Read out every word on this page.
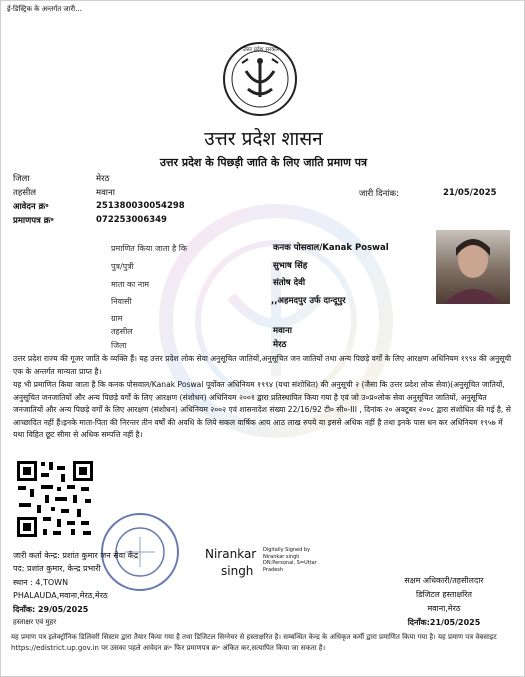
ई-डिस्ट्रिक के अन्तर्गत जारी...
उत्तर प्रदेश सरकार
उत्तर प्रदेश शासन
उत्तर प्रदेश के पिछड़ी जाति के लिए जाति प्रमाण पत्र
जिला	मेरठ
तहसील	मवाना
आवेदन क्र॰	251380030054298
प्रमाणपत्र क्र॰	072253006349
जारी दिनांक:	21/05/2025
प्रमाणित किया जाता है कि	कनक पोसवाल/Kanak Poswal
पुत्र/पुत्री	सुभाष सिंह
माता का नाम	संतोष देवी
निवासी	,,अहमदपुर उर्फ दान्दूपुर
ग्राम
तहसील	मवाना
जिला	मेरठ
उत्तर प्रदेश राज्य की गूजर जाति के व्यक्ति हैं। यह उत्तर प्रदेश लोक सेवा अनुसूचित जातियों,अनुसूचित जन जातियों तथा अन्य पिछड़े वर्गों के लिए आरक्षण अधिनियम १९९४ की अनुसूची एक के अन्तर्गत मान्यता प्राप्त है।
यह भी प्रमाणित किया जाता है कि कनक पोसवाल/Kanak Poswal पूर्वोक्त अधिनियम १९९४ (यथा संशोधित) की अनुसूची २ (जैसा कि उत्तर प्रदेश लोक सेवा)(अनुसूचित जातियों, अनुसूचित जनजातियों और अन्य पिछड़े वर्गों के लिए आरक्षण (संशोधन) अधिनियम २००१ द्वारा प्रतिस्थापित किया गया है एवं जो उ०प्र०लोक सेवा अनुसूचित जातियों, अनुसूचित जनजातियों और अन्य पिछड़े वर्गों के लिए आरक्षण (संशोधन) अधिनियम २००२ एवं शासनादेश संख्या 22/16/92 टी० सी०-III , दिनांक २० अक्टूबर २००८ द्वारा संशोधित की गई है, से आच्छादित नहीं हैं।इनके माता-पिता की निरन्तर तीन वर्षों की अवधि के लिये सकल वार्षिक आय आठ लाख रुपये या इससे अधिक नहीं है तथा इनके पास धन कर अधिनियम १९५७ में यथा विहित छूट सीमा से अधिक सम्पत्ति नहीं है।
जारी कर्ता केन्द्र: प्रशांत कुमार जन सेवा केंद्र
पद: प्रशांत कुमार, केन्द्र प्रभारी
स्थान : 4,TOWN
PHALAUDA,मवाना,मेरठ,मेरठ
दिनाँक: 29/05/2025
हस्ताक्षर एवं मुहर
Nirankar
singh
Digitally Signed by Nirankar singh DN:Personal, S=Uttar Pradesh
सक्षम अधिकारी/तहसीलदार
डिजिटल हस्ताक्षरित
मवाना,मेरठ
दिनाँक:21/05/2025
यह प्रमाण पत्र इलेक्ट्रॉनिक डिलिवरी सिस्टम द्वारा तैयार किया गया है तथा डिजिटल सिग्नेचर से हस्ताक्षरित है। सम्बन्धित केन्द्र के अधिकृत कर्मी द्वारा प्रमाणित किया गया है। यह प्रमाण पत्र वेबसाइट https://edistrict.up.gov.in पर उसका पहले आवेदन क्र॰ फिर प्रमाणपत्र क्र॰ अंकित कर,सत्यापित किया जा सकता है।
